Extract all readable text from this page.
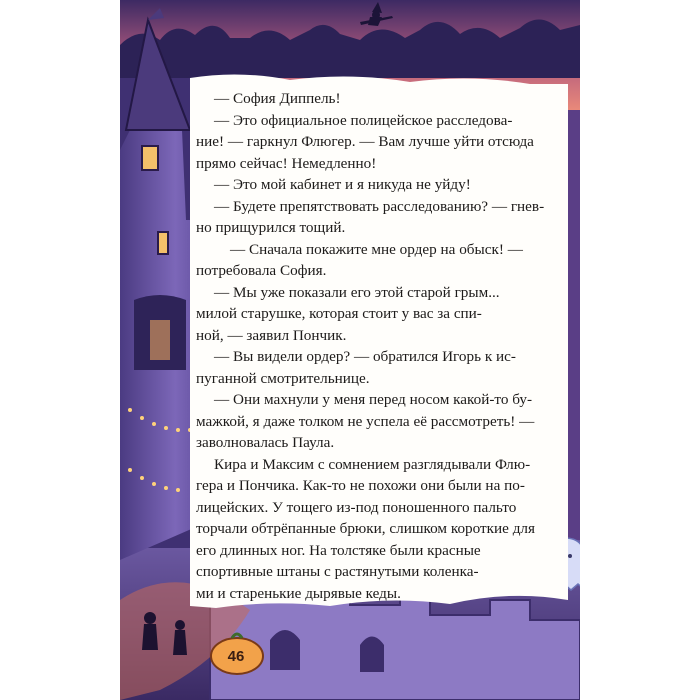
— София Диппель!

— Это официальное полицейское расследова-

ние! — гаркнул Флюгер. — Вам лучше уйти отсюда

прямо сейчас! Немедленно!

— Это мой кабинет и я никуда не уйду!

— Будете препятствовать расследованию? — гнев-

но прищурился тощий.

— Сначала покажите мне ордер на обыск! —

потребовала София.

— Мы уже показали его этой старой грым...

милой старушке, которая стоит у вас за спи-

ной, — заявил Пончик.

— Вы видели ордер? — обратился Игорь к ис-

пуганной смотрительнице.

— Они махнули у меня перед носом какой-то бу-

мажкой, я даже толком не успела её рассмотреть! —

заволновалась Паула.

Кира и Максим с сомнением разглядывали Флю-

гера и Пончика. Как-то не похожи они были на по-

лицейских. У тощего из-под поношенного пальто

торчали обтрёпанные брюки, слишком короткие для

его длинных ног. На толстяке были красные

спортивные штаны с растянутыми коленка-

ми и старенькие дырявые кеды.

46
